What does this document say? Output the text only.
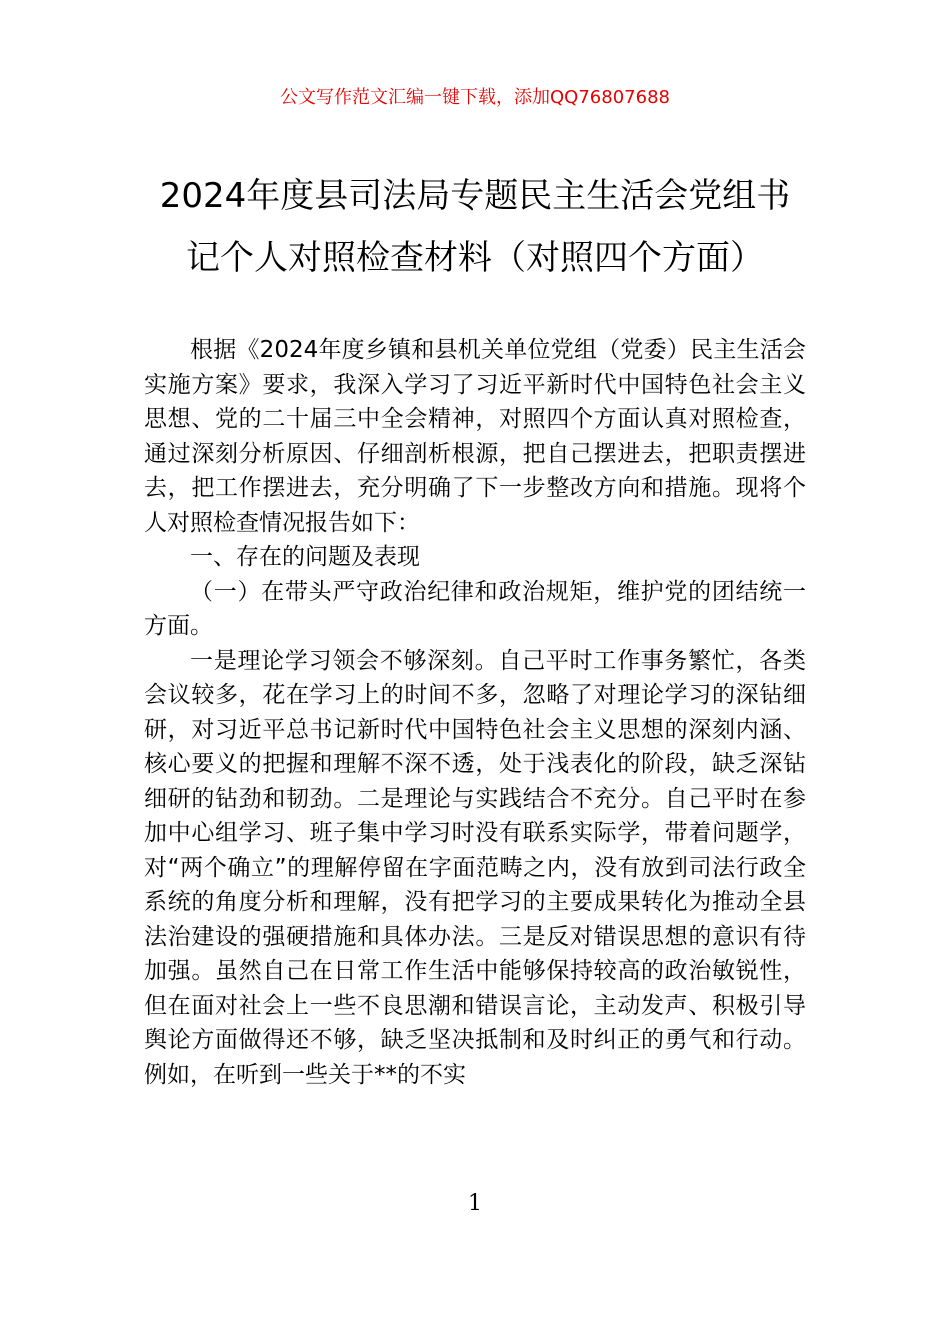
公文写作范文汇编一键下载，添加QQ76807688
2024年度县司法局专题民主生活会党组书
记个人对照检查材料（对照四个方面）

根据《2024年度乡镇和县机关单位党组（党委）民主生活会实施方案》要求，我深入学习了习近平新时代中国特色社会主义思想、党的二十届三中全会精神，对照四个方面认真对照检查，通过深刻分析原因、仔细剖析根源，把自己摆进去，把职责摆进去，把工作摆进去，充分明确了下一步整改方向和措施。现将个人对照检查情况报告如下：

一、存在的问题及表现

（一）在带头严守政治纪律和政治规矩，维护党的团结统一方面。

一是理论学习领会不够深刻。自己平时工作事务繁忙，各类会议较多，花在学习上的时间不多，忽略了对理论学习的深钻细研，对习近平总书记新时代中国特色社会主义思想的深刻内涵、核心要义的把握和理解不深不透，处于浅表化的阶段，缺乏深钻细研的钻劲和韧劲。二是理论与实践结合不充分。自己平时在参加中心组学习、班子集中学习时没有联系实际学，带着问题学，对“两个确立”的理解停留在字面范畴之内，没有放到司法行政全系统的角度分析和理解，没有把学习的主要成果转化为推动全县法治建设的强硬措施和具体办法。三是反对错误思想的意识有待加强。虽然自己在日常工作生活中能够保持较高的政治敏锐性，但在面对社会上一些不良思潮和错误言论，主动发声、积极引导舆论方面做得还不够，缺乏坚决抵制和及时纠正的勇气和行动。例如，在听到一些关于**的不实

1
